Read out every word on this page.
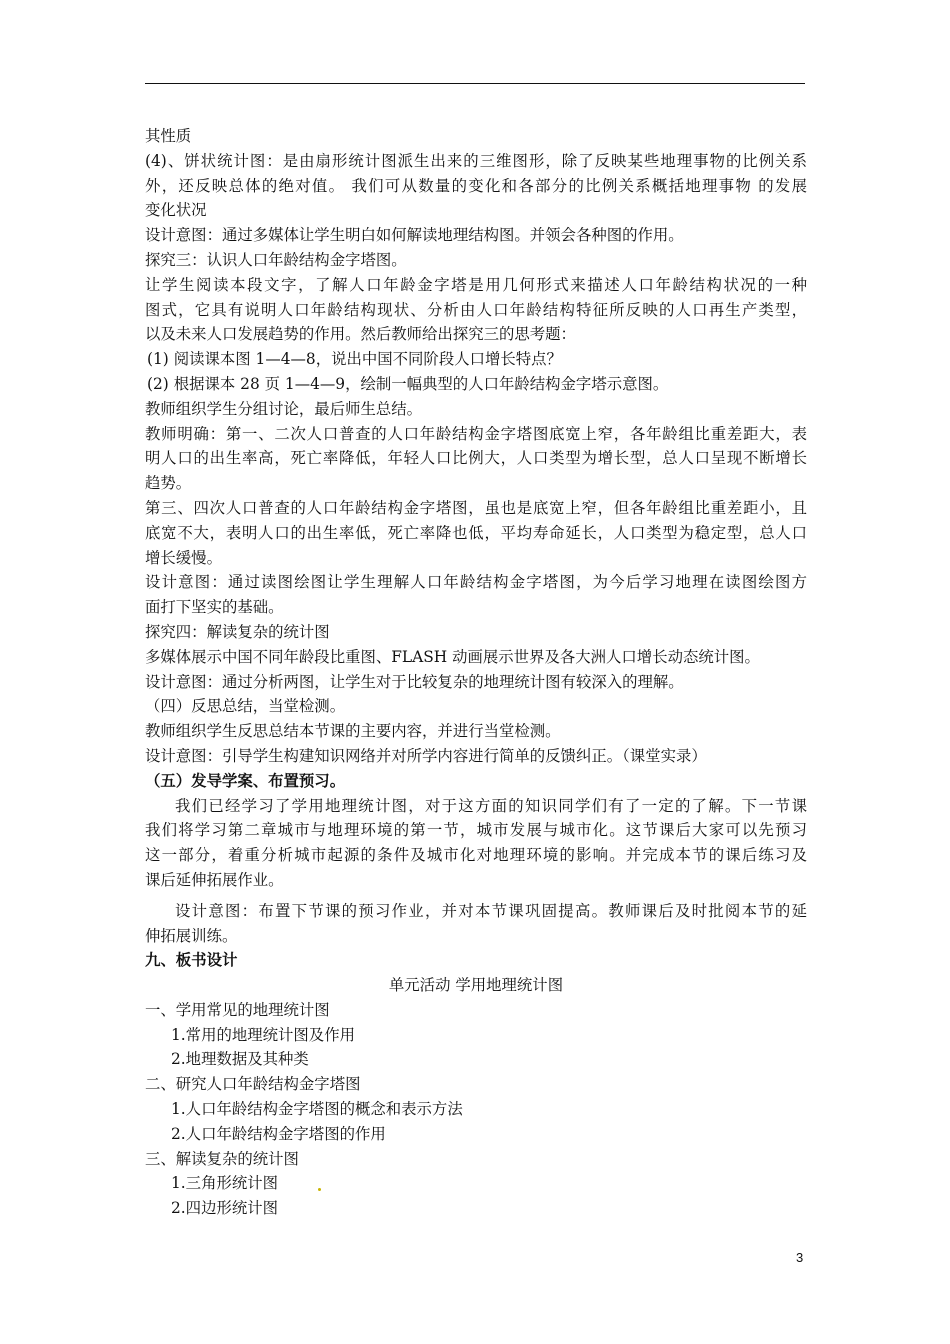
其性质
(4)、饼状统计图：是由扇形统计图派生出来的三维图形，除了反映某些地理事物的比例关系
外，还反映总体的绝对值。 我们可从数量的变化和各部分的比例关系概括地理事物 的发展
变化状况
设计意图：通过多媒体让学生明白如何解读地理结构图。并领会各种图的作用。
探究三：认识人口年龄结构金字塔图。
让学生阅读本段文字，了解人口年龄金字塔是用几何形式来描述人口年龄结构状况的一种
图式，它具有说明人口年龄结构现状、分析由人口年龄结构特征所反映的人口再生产类型，
以及未来人口发展趋势的作用。然后教师给出探究三的思考题：
(1) 阅读课本图 1—4—8，说出中国不同阶段人口增长特点？
(2) 根据课本 28 页 1—4—9，绘制一幅典型的人口年龄结构金字塔示意图。
教师组织学生分组讨论，最后师生总结。
教师明确：第一、二次人口普查的人口年龄结构金字塔图底宽上窄，各年龄组比重差距大，表
明人口的出生率高，死亡率降低，年轻人口比例大，人口类型为增长型，总人口呈现不断增长
趋势。
第三、四次人口普查的人口年龄结构金字塔图，虽也是底宽上窄，但各年龄组比重差距小，且
底宽不大，表明人口的出生率低，死亡率降也低，平均寿命延长，人口类型为稳定型，总人口
增长缓慢。
设计意图：通过读图绘图让学生理解人口年龄结构金字塔图，为今后学习地理在读图绘图方
面打下坚实的基础。
探究四：解读复杂的统计图
多媒体展示中国不同年龄段比重图、FLASH 动画展示世界及各大洲人口增长动态统计图。
设计意图：通过分析两图，让学生对于比较复杂的地理统计图有较深入的理解。
（四）反思总结，当堂检测。
教师组织学生反思总结本节课的主要内容，并进行当堂检测。
设计意图：引导学生构建知识网络并对所学内容进行简单的反馈纠正。（课堂实录）
（五）发导学案、布置预习。
我们已经学习了学用地理统计图，对于这方面的知识同学们有了一定的了解。下一节课
我们将学习第二章城市与地理环境的第一节，城市发展与城市化。这节课后大家可以先预习
这一部分，着重分析城市起源的条件及城市化对地理环境的影响。并完成本节的课后练习及
课后延伸拓展作业。
设计意图：布置下节课的预习作业，并对本节课巩固提高。教师课后及时批阅本节的延
伸拓展训练。
九、板书设计
单元活动 学用地理统计图
一、学用常见的地理统计图
1.常用的地理统计图及作用
2.地理数据及其种类
二、研究人口年龄结构金字塔图
1.人口年龄结构金字塔图的概念和表示方法
2.人口年龄结构金字塔图的作用
三、解读复杂的统计图
1.三角形统计图
2.四边形统计图
3
